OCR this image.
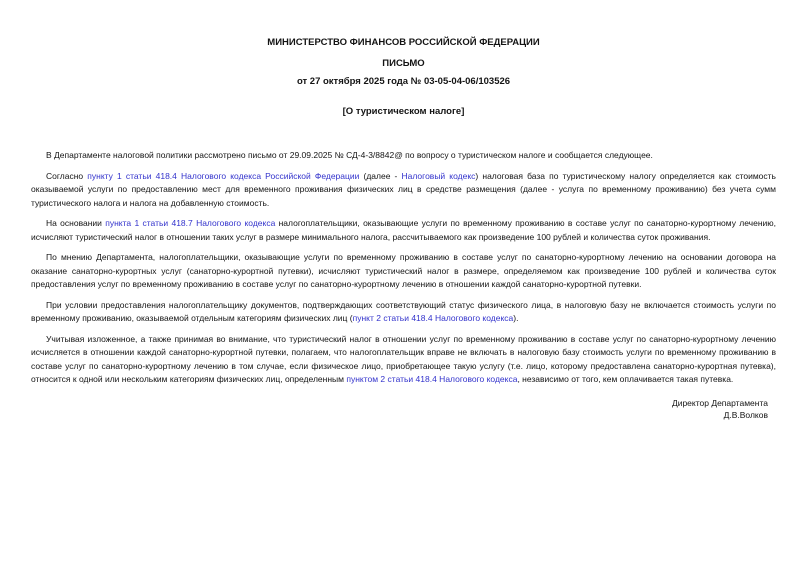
МИНИСТЕРСТВО ФИНАНСОВ РОССИЙСКОЙ ФЕДЕРАЦИИ
ПИСЬМО
от 27 октября 2025 года № 03-05-04-06/103526
[О туристическом налоге]

В Департаменте налоговой политики рассмотрено письмо от 29.09.2025 № СД-4-3/8842@ по вопросу о туристическом налоге и сообщается следующее.

Согласно пункту 1 статьи 418.4 Налогового кодекса Российской Федерации (далее - Налоговый кодекс) налоговая база по туристическому налогу определяется как стоимость оказываемой услуги по предоставлению мест для временного проживания физических лиц в средстве размещения (далее - услуга по временному проживанию) без учета сумм туристического налога и налога на добавленную стоимость.

На основании пункта 1 статьи 418.7 Налогового кодекса налогоплательщики, оказывающие услуги по временному проживанию в составе услуг по санаторно-курортному лечению, исчисляют туристический налог в отношении таких услуг в размере минимального налога, рассчитываемого как произведение 100 рублей и количества суток проживания.

По мнению Департамента, налогоплательщики, оказывающие услуги по временному проживанию в составе услуг по санаторно-курортному лечению на основании договора на оказание санаторно-курортных услуг (санаторно-курортной путевки), исчисляют туристический налог в размере, определяемом как произведение 100 рублей и количества суток предоставления услуг по временному проживанию в составе услуг по санаторно-курортному лечению в отношении каждой санаторно-курортной путевки.

При условии предоставления налогоплательщику документов, подтверждающих соответствующий статус физического лица, в налоговую базу не включается стоимость услуги по временному проживанию, оказываемой отдельным категориям физических лиц (пункт 2 статьи 418.4 Налогового кодекса).

Учитывая изложенное, а также принимая во внимание, что туристический налог в отношении услуг по временному проживанию в составе услуг по санаторно-курортному лечению исчисляется в отношении каждой санаторно-курортной путевки, полагаем, что налогоплательщик вправе не включать в налоговую базу стоимость услуги по временному проживанию в составе услуг по санаторно-курортному лечению в том случае, если физическое лицо, приобретающее такую услугу (т.е. лицо, которому предоставлена санаторно-курортная путевка), относится к одной или нескольким категориям физических лиц, определенным пунктом 2 статьи 418.4 Налогового кодекса, независимо от того, кем оплачивается такая путевка.

Директор Департамента
Д.В.Волков
